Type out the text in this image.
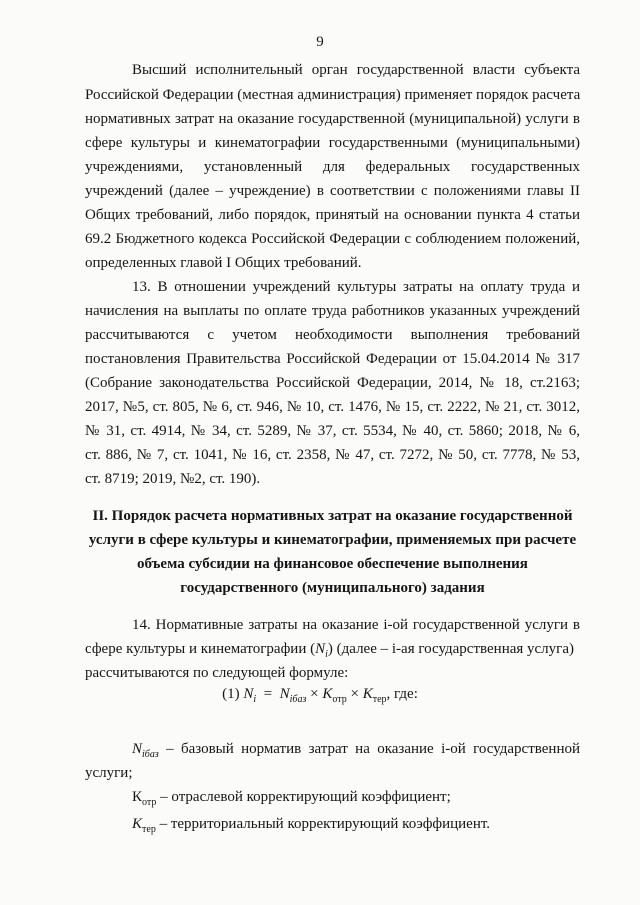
9
Высший исполнительный орган государственной власти субъекта
Российской Федерации (местная администрация) применяет порядок расчета
нормативных затрат на оказание государственной (муниципальной) услуги в
сфере культуры и кинематографии государственными (муниципальными)
учреждениями, установленный для федеральных государственных
учреждений (далее – учреждение) в соответствии с положениями главы II
Общих требований, либо порядок, принятый на основании пункта 4 статьи
69.2 Бюджетного кодекса Российской Федерации с соблюдением положений,
определенных главой I Общих требований.
13. В отношении учреждений культуры затраты на оплату труда и
начисления на выплаты по оплате труда работников указанных учреждений
рассчитываются с учетом необходимости выполнения требований
постановления Правительства Российской Федерации от 15.04.2014 № 317
(Собрание законодательства Российской Федерации, 2014, № 18, ст.2163;
2017, №5, ст. 805, № 6, ст. 946, № 10, ст. 1476, № 15, ст. 2222, № 21, ст. 3012,
№ 31, ст. 4914, № 34, ст. 5289, № 37, ст. 5534, № 40, ст. 5860; 2018, № 6,
ст. 886, № 7, ст. 1041, № 16, ст. 2358, № 47, ст. 7272, № 50, ст. 7778, № 53,
ст. 8719; 2019, №2, ст. 190).
II. Порядок расчета нормативных затрат на оказание государственной
услуги в сфере культуры и кинематографии, применяемых при расчете
объема субсидии на финансовое обеспечение выполнения
государственного (муниципального) задания
14. Нормативные затраты на оказание i-ой государственной услуги в
сфере культуры и кинематографии $(N_i)$ (далее – i-ая государственная услуга)
рассчитываются по следующей формуле:
(1) $N_i = N_{iбаз} \times K_{отр} \times K_{тер}$, где:
$N_{iбаз}$ – базовый норматив затрат на оказание i-ой государственной
услуги;
$К_{отр}$ – отраслевой корректирующий коэффициент;
$K_{тер}$ – территориальный корректирующий коэффициент.
